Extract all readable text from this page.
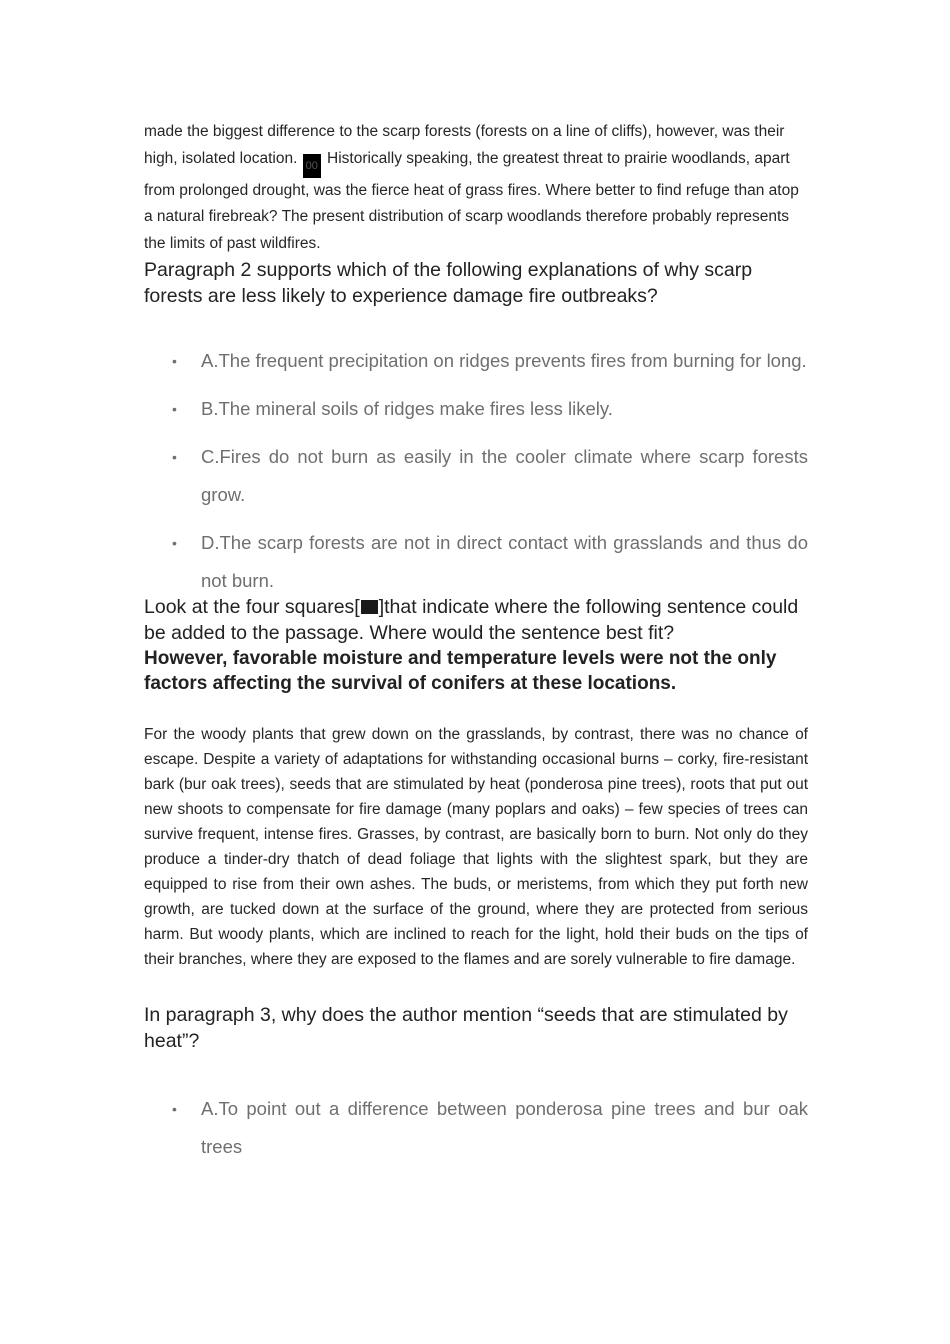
made the biggest difference to the scarp forests (forests on a line of cliffs), however, was their high, isolated location. 00 Historically speaking, the greatest threat to prairie woodlands, apart from prolonged drought, was the fierce heat of grass fires. Where better to find refuge than atop a natural firebreak? The present distribution of scarp woodlands therefore probably represents the limits of past wildfires.

Paragraph 2 supports which of the following explanations of why scarp forests are less likely to experience damage fire outbreaks?

• A.The frequent precipitation on ridges prevents fires from burning for long.
• B.The mineral soils of ridges make fires less likely.
• C.Fires do not burn as easily in the cooler climate where scarp forests grow.
• D.The scarp forests are not in direct contact with grasslands and thus do not burn.

Look at the four squares[ ]that indicate where the following sentence could be added to the passage. Where would the sentence best fit?

However, favorable moisture and temperature levels were not the only factors affecting the survival of conifers at these locations.

For the woody plants that grew down on the grasslands, by contrast, there was no chance of escape. Despite a variety of adaptations for withstanding occasional burns – corky, fire-resistant bark (bur oak trees), seeds that are stimulated by heat (ponderosa pine trees), roots that put out new shoots to compensate for fire damage (many poplars and oaks) – few species of trees can survive frequent, intense fires. Grasses, by contrast, are basically born to burn. Not only do they produce a tinder-dry thatch of dead foliage that lights with the slightest spark, but they are equipped to rise from their own ashes. The buds, or meristems, from which they put forth new growth, are tucked down at the surface of the ground, where they are protected from serious harm. But woody plants, which are inclined to reach for the light, hold their buds on the tips of their branches, where they are exposed to the flames and are sorely vulnerable to fire damage.

In paragraph 3, why does the author mention “seeds that are stimulated by heat”?

• A.To point out a difference between ponderosa pine trees and bur oak trees
